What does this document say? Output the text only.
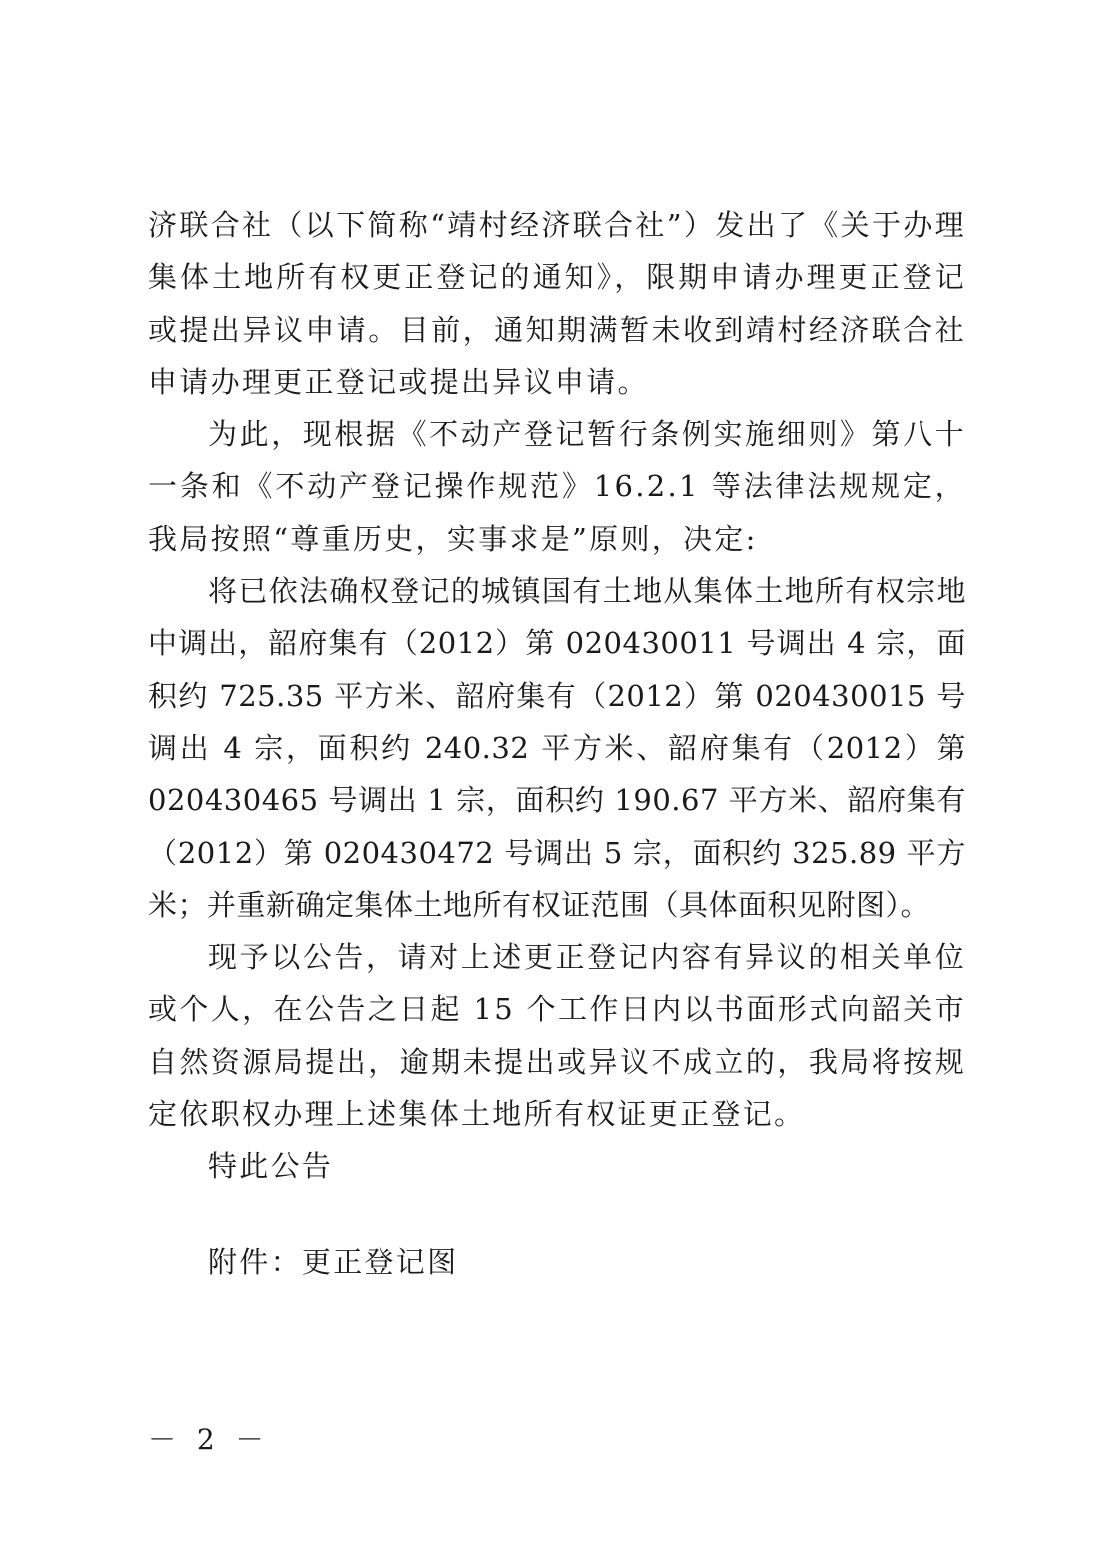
济联合社（以下简称“靖村经济联合社”）发出了《关于办理集体土地所有权更正登记的通知》，限期申请办理更正登记或提出异议申请。目前，通知期满暂未收到靖村经济联合社申请办理更正登记或提出异议申请。

为此，现根据《不动产登记暂行条例实施细则》第八十一条和《不动产登记操作规范》16.2.1 等法律法规规定，我局按照“尊重历史，实事求是”原则，决定:

将已依法确权登记的城镇国有土地从集体土地所有权宗地中调出，韶府集有（2012）第 020430011 号调出 4 宗，面积约 725.35 平方米、韶府集有（2012）第 020430015 号调出 4 宗，面积约 240.32 平方米、韶府集有（2012）第 020430465 号调出 1 宗，面积约 190.67 平方米、韶府集有（2012）第 020430472 号调出 5 宗，面积约 325.89 平方米；并重新确定集体土地所有权证范围（具体面积见附图）。

现予以公告，请对上述更正登记内容有异议的相关单位或个人，在公告之日起 15 个工作日内以书面形式向韶关市自然资源局提出，逾期未提出或异议不成立的，我局将按规定依职权办理上述集体土地所有权证更正登记。

特此公告

附件：更正登记图

－ 2 －
